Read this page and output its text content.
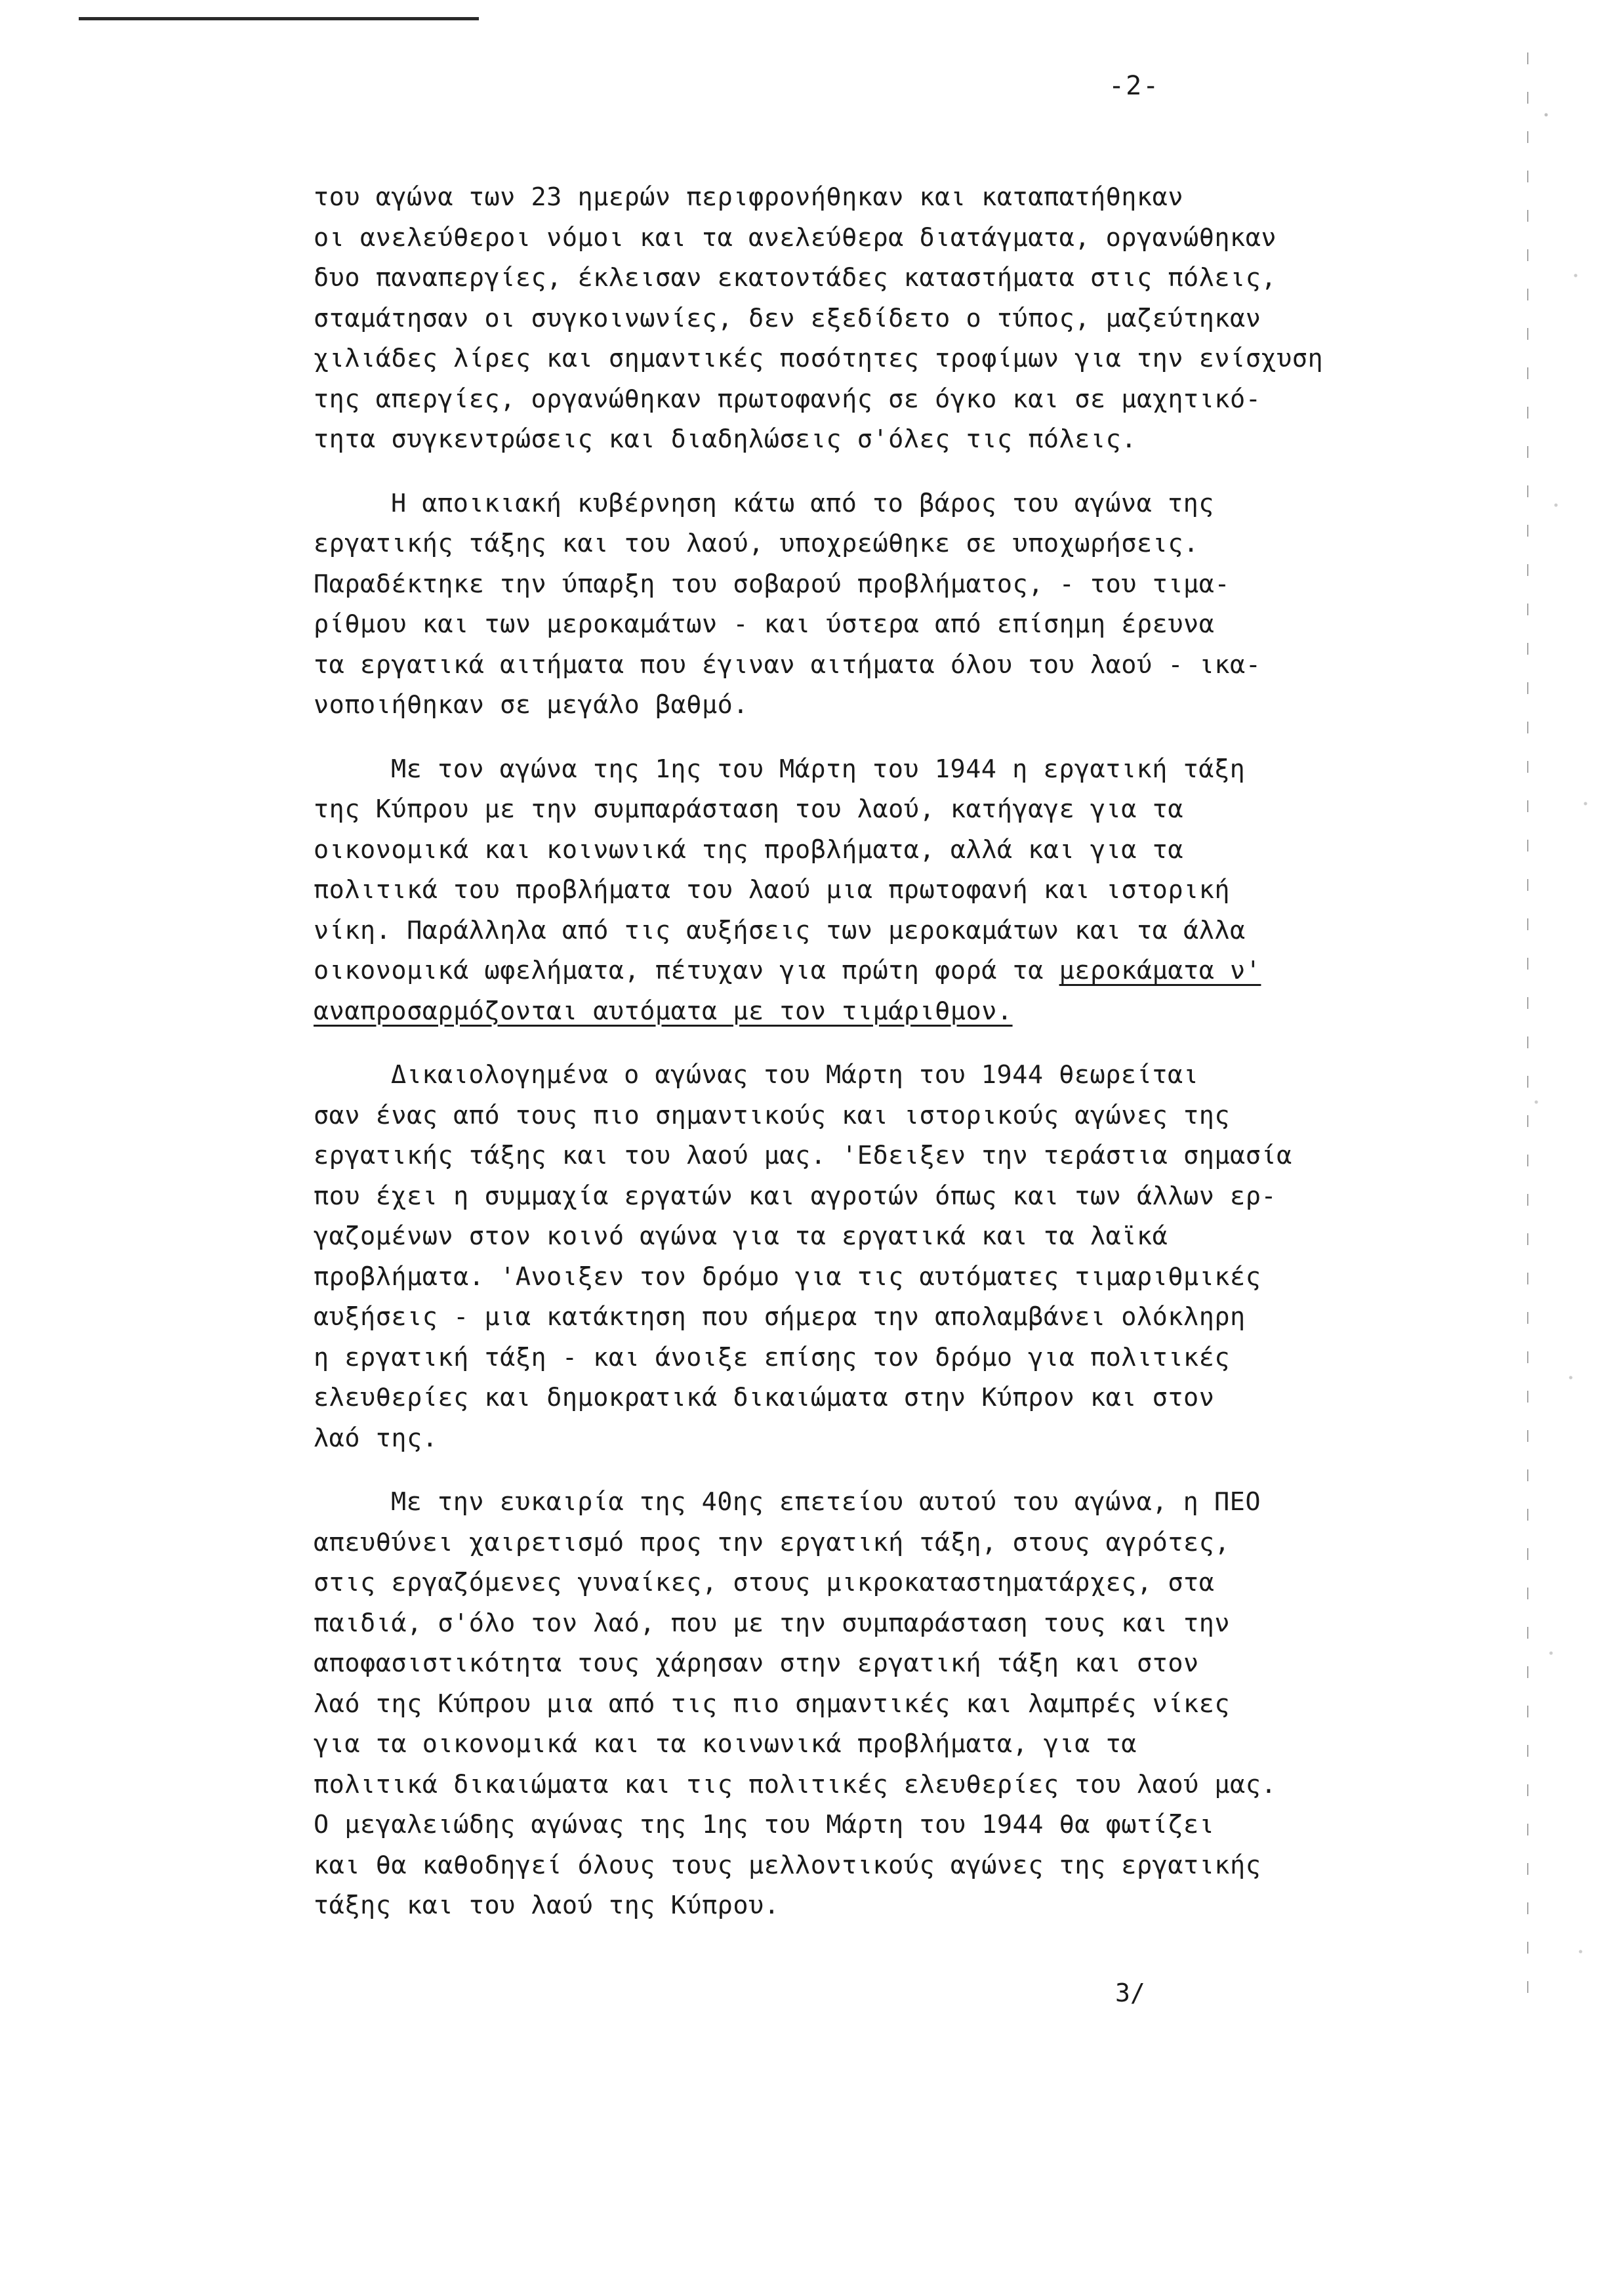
-2-
του αγώνα των 23 ημερών περιφρονήθηκαν και καταπατήθηκαν
οι ανελεύθεροι νόμοι και τα ανελεύθερα διατάγματα, οργανώθηκαν
δυο παναπεργίες, έκλεισαν εκατοντάδες καταστήματα στις πόλεις,
σταμάτησαν οι συγκοινωνίες, δεν εξεδίδετο ο τύπος, μαζεύτηκαν
χιλιάδες λίρες και σημαντικές ποσότητες τροφίμων για την ενίσχυση
της απεργίες, οργανώθηκαν πρωτοφανής σε όγκο και σε μαχητικό-
τητα συγκεντρώσεις και διαδηλώσεις σ'όλες τις πόλεις.
Η αποικιακή κυβέρνηση κάτω από το βάρος του αγώνα της
εργατικής τάξης και του λαού, υποχρεώθηκε σε υποχωρήσεις.
Παραδέκτηκε την ύπαρξη του σοβαρού προβλήματος, - του τιμα-
ρίθμου και των μεροκαμάτων - και ύστερα από επίσημη έρευνα
τα εργατικά αιτήματα που έγιναν αιτήματα όλου του λαού - ικα-
νοποιήθηκαν σε μεγάλο βαθμό.
Με τον αγώνα της 1ης του Μάρτη του 1944 η εργατική τάξη
της Κύπρου με την συμπαράσταση του λαού, κατήγαγε για τα
οικονομικά και κοινωνικά της προβλήματα, αλλά και για τα
πολιτικά του προβλήματα του λαού μια πρωτοφανή και ιστορική
νίκη. Παράλληλα από τις αυξήσεις των μεροκαμάτων και τα άλλα
οικονομικά ωφελήματα, πέτυχαν για πρώτη φορά τα μεροκάματα ν'
αναπροσαρμόζονται αυτόματα με τον τιμάριθμον.
Δικαιολογημένα ο αγώνας του Μάρτη του 1944 θεωρείται
σαν ένας από τους πιο σημαντικούς και ιστορικούς αγώνες της
εργατικής τάξης και του λαού μας. 'Εδειξεν την τεράστια σημασία
που έχει η συμμαχία εργατών και αγροτών όπως και των άλλων ερ-
γαζομένων στον κοινό αγώνα για τα εργατικά και τα λαϊκά
προβλήματα. 'Ανοιξεν τον δρόμο για τις αυτόματες τιμαριθμικές
αυξήσεις - μια κατάκτηση που σήμερα την απολαμβάνει ολόκληρη
η εργατική τάξη - και άνοιξε επίσης τον δρόμο για πολιτικές
ελευθερίες και δημοκρατικά δικαιώματα στην Κύπρον και στον
λαό της.
Με την ευκαιρία της 40ης επετείου αυτού του αγώνα, η ΠΕΟ
απευθύνει χαιρετισμό προς την εργατική τάξη, στους αγρότες,
στις εργαζόμενες γυναίκες, στους μικροκαταστηματάρχες, στα
παιδιά, σ'όλο τον λαό, που με την συμπαράσταση τους και την
αποφασιστικότητα τους χάρησαν στην εργατική τάξη και στον
λαό της Κύπρου μια από τις πιο σημαντικές και λαμπρές νίκες
για τα οικονομικά και τα κοινωνικά προβλήματα, για τα
πολιτικά δικαιώματα και τις πολιτικές ελευθερίες του λαού μας.
Ο μεγαλειώδης αγώνας της 1ης του Μάρτη του 1944 θα φωτίζει
και θα καθοδηγεί όλους τους μελλοντικούς αγώνες της εργατικής
τάξης και του λαού της Κύπρου.
3/
